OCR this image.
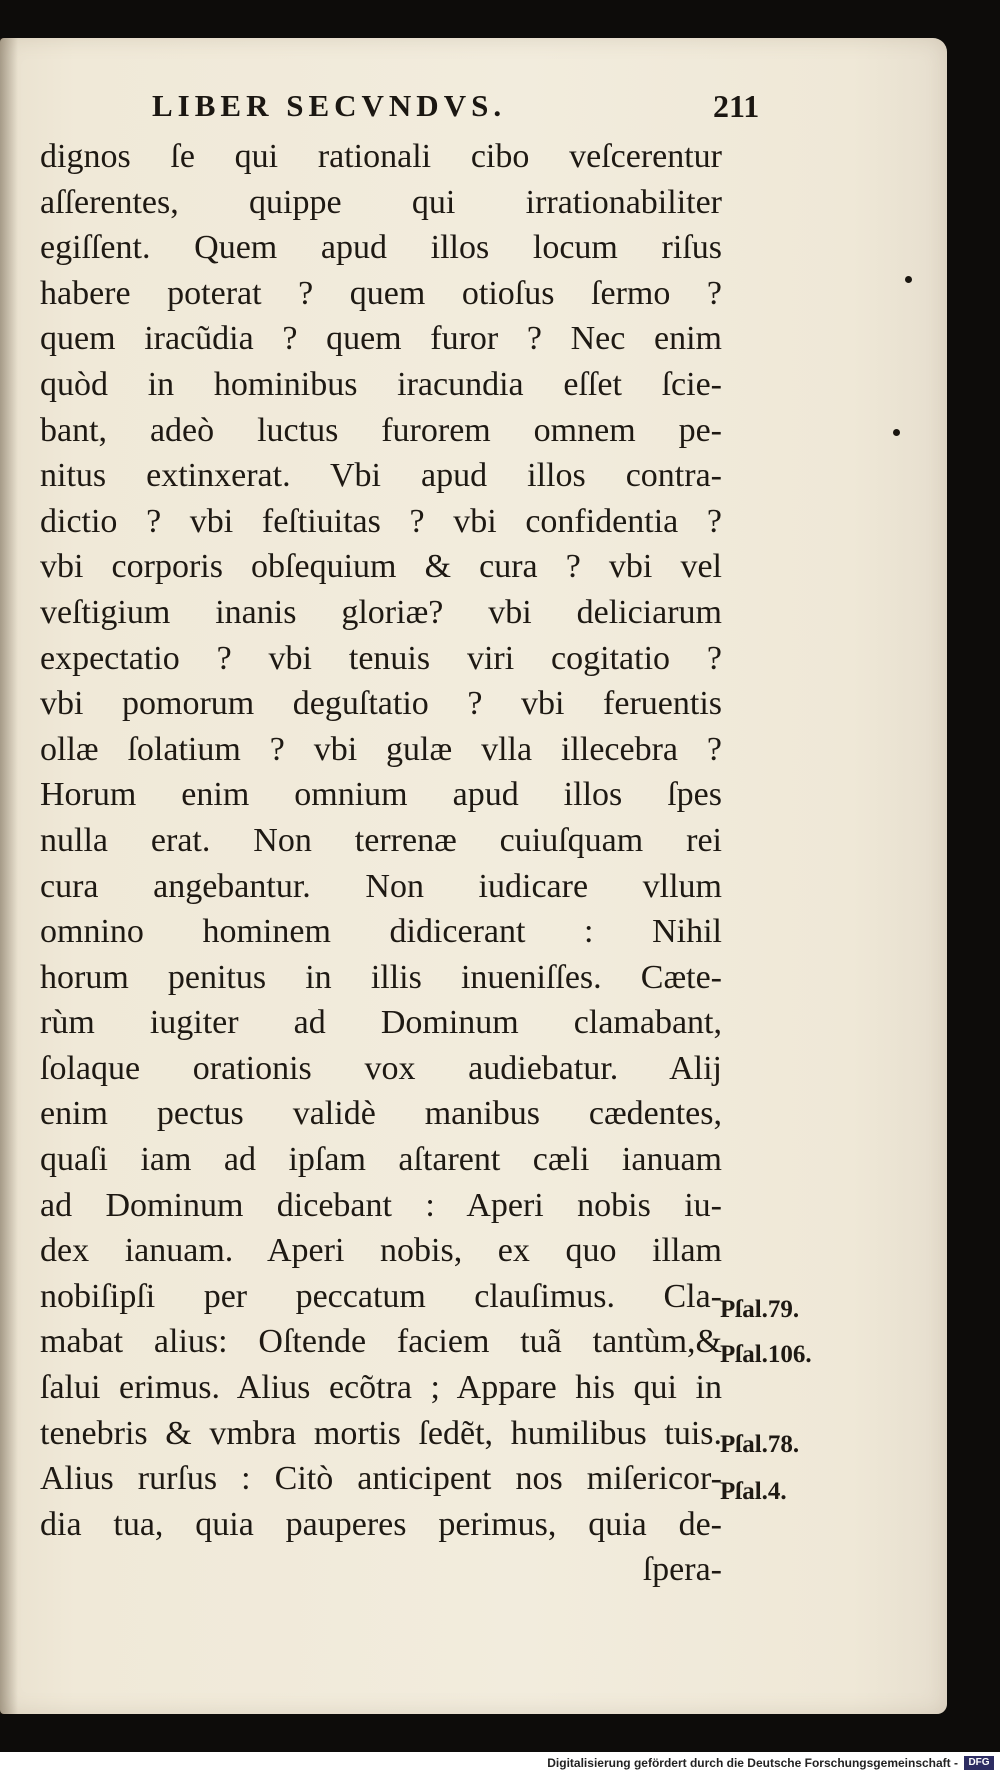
LIBER SECVNDVS.	211
dignos ſe qui rationali cibo veſcerentur
aſſerentes, quippe qui irrationabiliter
egiſſent. Quem apud illos locum riſus
habere poterat ? quem otioſus ſermo ?
quem iracũdia ? quem furor ? Nec enim
quòd in hominibus iracundia eſſet ſcie-
bant, adeò luctus furorem omnem pe-
nitus extinxerat. Vbi apud illos contra-
dictio ? vbi feſtiuitas ? vbi confidentia ?
vbi corporis obſequium & cura ? vbi vel
veſtigium inanis gloriæ? vbi deliciarum
expectatio ? vbi tenuis viri cogitatio ?
vbi pomorum deguſtatio ? vbi feruentis
ollæ ſolatium ? vbi gulæ vlla illecebra ?
Horum enim omnium apud illos ſpes
nulla erat. Non terrenæ cuiuſquam rei
cura angebantur. Non iudicare vllum
omnino hominem didicerant : Nihil
horum penitus in illis inueniſſes. Cæte-
rùm iugiter ad Dominum clamabant,
ſolaque orationis vox audiebatur. Alij
enim pectus validè manibus cædentes,
quaſi iam ad ipſam aſtarent cæli ianuam
ad Dominum dicebant : Aperi nobis iu-
dex ianuam. Aperi nobis, ex quo illam
nobiſipſi per peccatum clauſimus. Cla-
mabat alius: Oſtende faciem tuã tantùm,&
ſalui erimus. Alius ecõtra ; Appare his qui in
tenebris & vmbra mortis ſedẽt, humilibus tuis.
Alius rurſus : Citò anticipent nos miſericor-
dia tua, quia pauperes perimus, quia de-
ſpera-
Pſal.79.
Pſal.106.
Pſal.78.
Pſal.4.
Digitalisierung gefördert durch die Deutsche Forschungsgemeinschaft -	DFG
